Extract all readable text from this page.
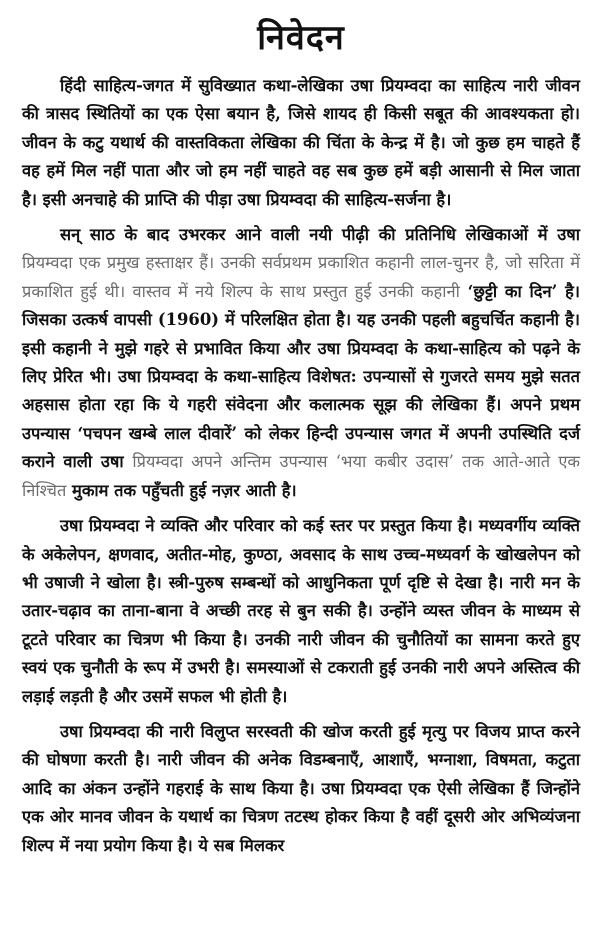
निवेदन

हिंदी साहित्य-जगत में सुविख्यात कथा-लेखिका उषा प्रियम्वदा का साहित्य नारी जीवन की त्रासद स्थितियों का एक ऐसा बयान है, जिसे शायद ही किसी सबूत की आवश्यकता हो। जीवन के कटु यथार्थ की वास्तविकता लेखिका की चिंता के केन्द्र में है। जो कुछ हम चाहते हैं वह हमें मिल नहीं पाता और जो हम नहीं चाहते वह सब कुछ हमें बड़ी आसानी से मिल जाता है। इसी अनचाहे की प्राप्ति की पीड़ा उषा प्रियम्वदा की साहित्य-सर्जना है।

सन् साठ के बाद उभरकर आने वाली नयी पीढ़ी की प्रतिनिधि लेखिकाओं में उषा प्रियम्वदा एक प्रमुख हस्ताक्षर हैं। उनकी सर्वप्रथम प्रकाशित कहानी लाल-चुनर है, जो सरिता में प्रकाशित हुई थी। वास्तव में नये शिल्प के साथ प्रस्तुत हुई उनकी कहानी ‘छुट्टी का दिन’ है। जिसका उत्कर्ष वापसी (1960) में परिलक्षित होता है। यह उनकी पहली बहुचर्चित कहानी है। इसी कहानी ने मुझे गहरे से प्रभावित किया और उषा प्रियम्वदा के कथा-साहित्य को पढ़ने के लिए प्रेरित भी। उषा प्रियम्वदा के कथा-साहित्य विशेषत: उपन्यासों से गुजरते समय मुझे सतत अहसास होता रहा कि ये गहरी संवेदना और कलात्मक सूझ की लेखिका हैं। अपने प्रथम उपन्यास ‘पचपन खम्बे लाल दीवारें’ को लेकर हिन्दी उपन्यास जगत में अपनी उपस्थिति दर्ज कराने वाली उषा प्रियम्वदा अपने अन्तिम उपन्यास ‘भया कबीर उदास’ तक आते-आते एक निश्चित मुकाम तक पहुँचती हुई नज़र आती है।

उषा प्रियम्वदा ने व्यक्ति और परिवार को कई स्तर पर प्रस्तुत किया है। मध्यवर्गीय व्यक्ति के अकेलेपन, क्षणवाद, अतीत-मोह, कुण्ठा, अवसाद के साथ उच्च-मध्यवर्ग के खोखलेपन को भी उषाजी ने खोला है। स्त्री-पुरुष सम्बन्धों को आधुनिकता पूर्ण दृष्टि से देखा है। नारी मन के उतार-चढ़ाव का ताना-बाना वे अच्छी तरह से बुन सकी है। उन्होंने व्यस्त जीवन के माध्यम से टूटते परिवार का चित्रण भी किया है। उनकी नारी जीवन की चुनौतियों का सामना करते हुए स्वयं एक चुनौती के रूप में उभरी है। समस्याओं से टकराती हुई उनकी नारी अपने अस्तित्व की लड़ाई लड़ती है और उसमें सफल भी होती है।

उषा प्रियम्वदा की नारी विलुप्त सरस्वती की खोज करती हुई मृत्यु पर विजय प्राप्त करने की घोषणा करती है। नारी जीवन की अनेक विडम्बनाएँ, आशाएँ, भग्नाशा, विषमता, कटुता आदि का अंकन उन्होंने गहराई के साथ किया है। उषा प्रियम्वदा एक ऐसी लेखिका हैं जिन्होंने एक ओर मानव जीवन के यथार्थ का चित्रण तटस्थ होकर किया है वहीं दूसरी ओर अभिव्यंजना शिल्प में नया प्रयोग किया है। ये सब मिलकर
